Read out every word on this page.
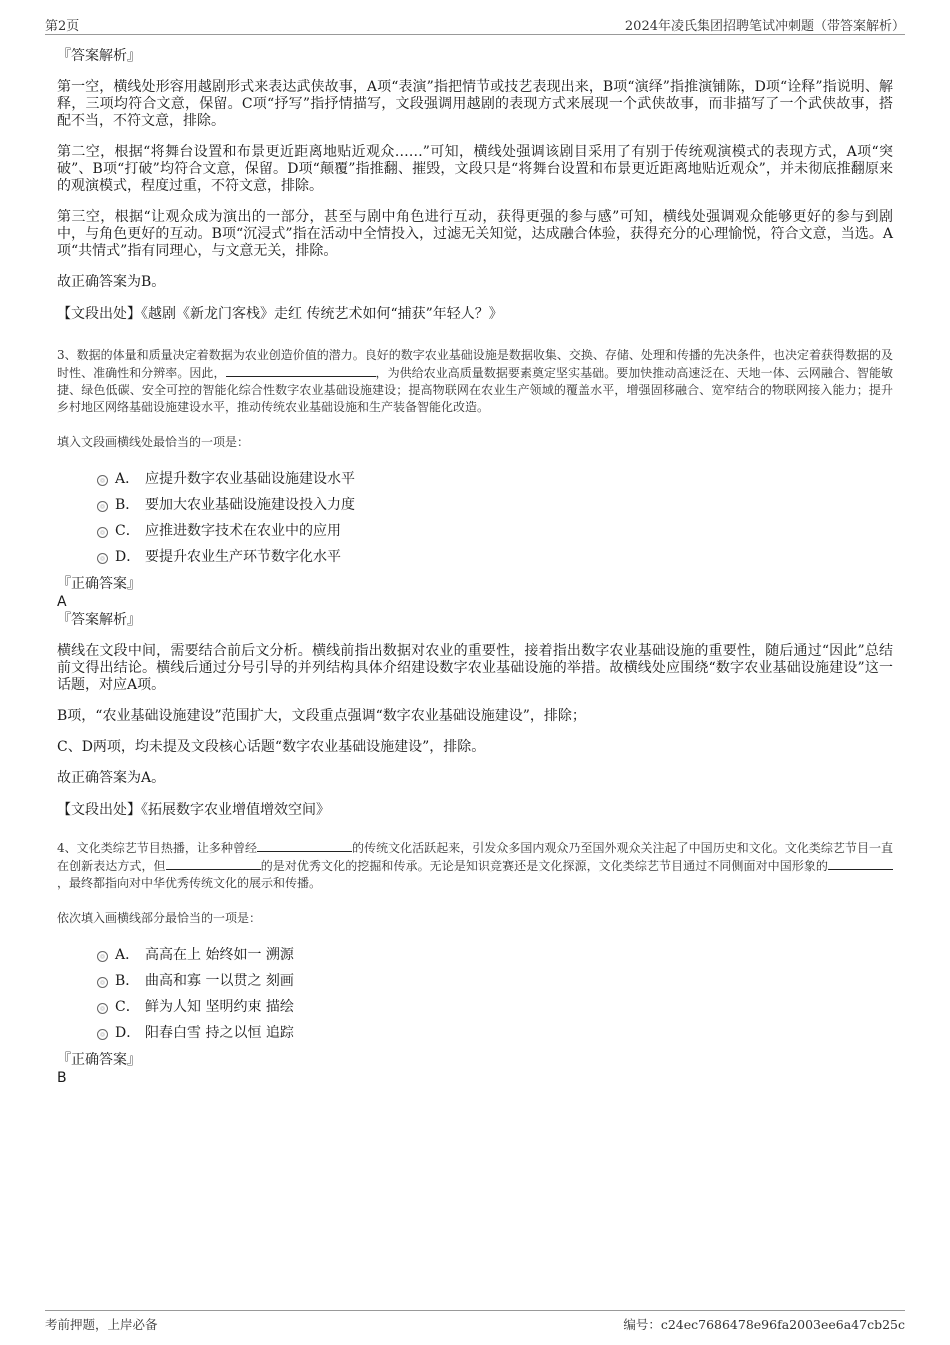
第2页	2024年凌氏集团招聘笔试冲刺题（带答案解析）

『答案解析』

第一空，横线处形容用越剧形式来表达武侠故事，A项“表演”指把情节或技艺表现出来，B项“演绎”指推演铺陈，D项“诠释”指说明、解释，三项均符合文意，保留。C项“抒写”指抒情描写，文段强调用越剧的表现方式来展现一个武侠故事，而非描写了一个武侠故事，搭配不当，不符文意，排除。

第二空，根据“将舞台设置和布景更近距离地贴近观众……”可知，横线处强调该剧目采用了有别于传统观演模式的表现方式，A项“突破”、B项“打破”均符合文意，保留。D项“颠覆”指推翻、摧毁，文段只是“将舞台设置和布景更近距离地贴近观众”，并未彻底推翻原来的观演模式，程度过重，不符文意，排除。

第三空，根据“让观众成为演出的一部分，甚至与剧中角色进行互动，获得更强的参与感”可知，横线处强调观众能够更好的参与到剧中，与角色更好的互动。B项“沉浸式”指在活动中全情投入，过滤无关知觉，达成融合体验，获得充分的心理愉悦，符合文意，当选。A项“共情式”指有同理心，与文意无关，排除。

故正确答案为B。

【文段出处】《越剧《新龙门客栈》走红 传统艺术如何“捕获”年轻人？》

3、数据的体量和质量决定着数据为农业创造价值的潜力。良好的数字农业基础设施是数据收集、交换、存储、处理和传播的先决条件，也决定着获得数据的及时性、准确性和分辨率。因此，	，为供给农业高质量数据要素奠定坚实基础。要加快推动高速泛在、天地一体、云网融合、智能敏捷、绿色低碳、安全可控的智能化综合性数字农业基础设施建设；提高物联网在农业生产领域的覆盖水平，增强固移融合、宽窄结合的物联网接入能力；提升乡村地区网络基础设施建设水平，推动传统农业基础设施和生产装备智能化改造。

填入文段画横线处最恰当的一项是：

A． 应提升数字农业基础设施建设水平
B． 要加大农业基础设施建设投入力度
C． 应推进数字技术在农业中的应用
D． 要提升农业生产环节数字化水平

『正确答案』

A

『答案解析』

横线在文段中间，需要结合前后文分析。横线前指出数据对农业的重要性，接着指出数字农业基础设施的重要性，随后通过“因此”总结前文得出结论。横线后通过分号引导的并列结构具体介绍建设数字农业基础设施的举措。故横线处应围绕“数字农业基础设施建设”这一话题，对应A项。

B项，“农业基础设施建设”范围扩大，文段重点强调“数字农业基础设施建设”，排除；

C、D两项，均未提及文段核心话题“数字农业基础设施建设”，排除。

故正确答案为A。

【文段出处】《拓展数字农业增值增效空间》

4、文化类综艺节目热播，让多种曾经	的传统文化活跃起来，引发众多国内观众乃至国外观众关注起了中国历史和文化。文化类综艺节目一直在创新表达方式，但	的是对优秀文化的挖掘和传承。无论是知识竞赛还是文化探源，文化类综艺节目通过不同侧面对中国形象的，最终都指向对中华优秀传统文化的展示和传播。

依次填入画横线部分最恰当的一项是：

A． 高高在上 始终如一 溯源
B． 曲高和寡 一以贯之 刻画
C． 鲜为人知 坚明约束 描绘
D． 阳春白雪 持之以恒 追踪

『正确答案』

B

考前押题，上岸必备	编号：c24ec7686478e96fa2003ee6a47cb25c
